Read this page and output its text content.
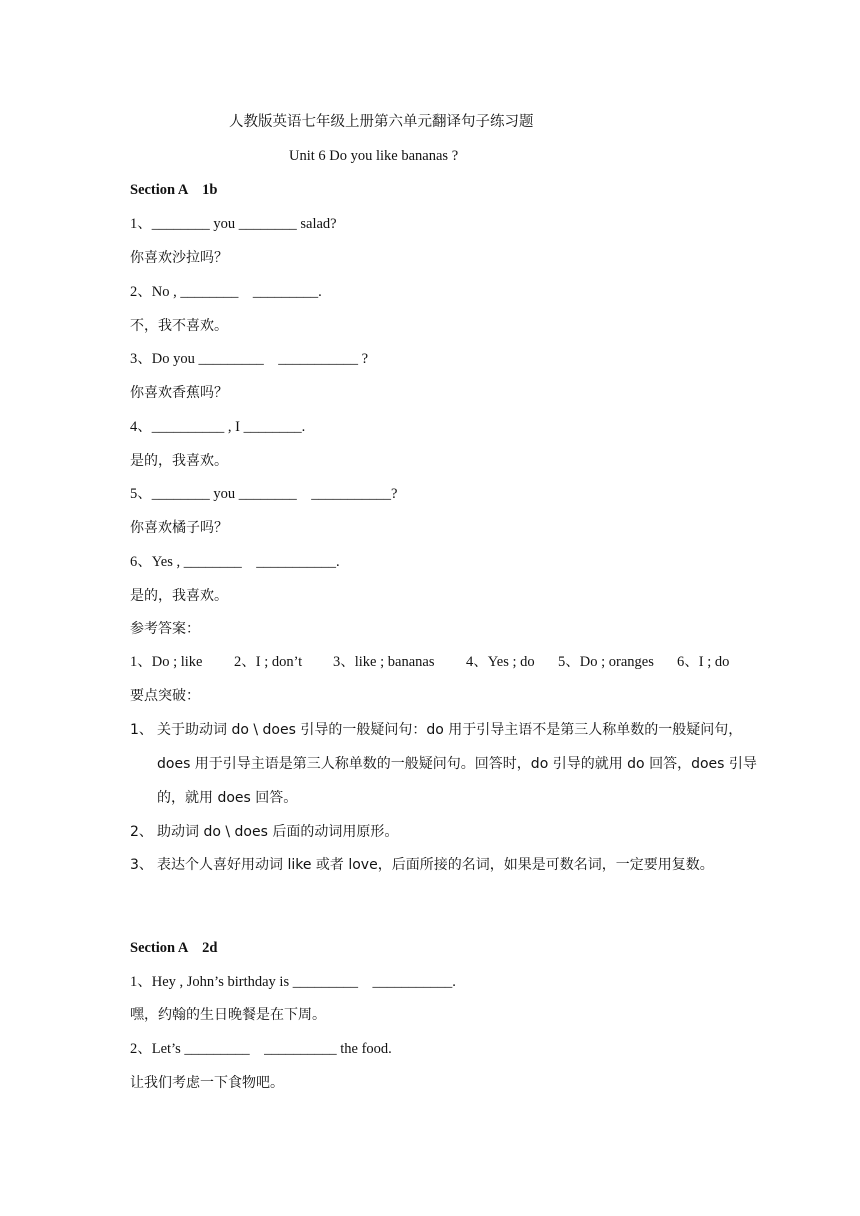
人教版英语七年级上册第六单元翻译句子练习题
Unit 6 Do you like bananas ?
Section A    1b
1、________ you ________ salad?
你喜欢沙拉吗？
2、No , ________    _________.
不，我不喜欢。
3、Do you _________    ___________ ?
你喜欢香蕉吗？
4、__________ , I ________.
是的，我喜欢。
5、________ you ________    ___________?
你喜欢橘子吗？
6、Yes , ________    ___________.
是的，我喜欢。
参考答案：
1、Do ; like 2、I ; don’t 3、like ; bananas 4、Yes ; do 5、Do ; oranges 6、I ; do
要点突破：
1、 关于助动词 do \ does 引导的一般疑问句：do 用于引导主语不是第三人称单数的一般疑问句，does 用于引导主语是第三人称单数的一般疑问句。回答时，do 引导的就用 do 回答，does 引导的，就用 does 回答。
2、 助动词 do \ does 后面的动词用原形。
3、 表达个人喜好用动词 like 或者 love，后面所接的名词，如果是可数名词，一定要用复数。
Section A    2d
1、Hey , John’s birthday is _________    ___________.
嘿，约翰的生日晚餐是在下周。
2、Let’s _________    __________ the food.
让我们考虑一下食物吧。
